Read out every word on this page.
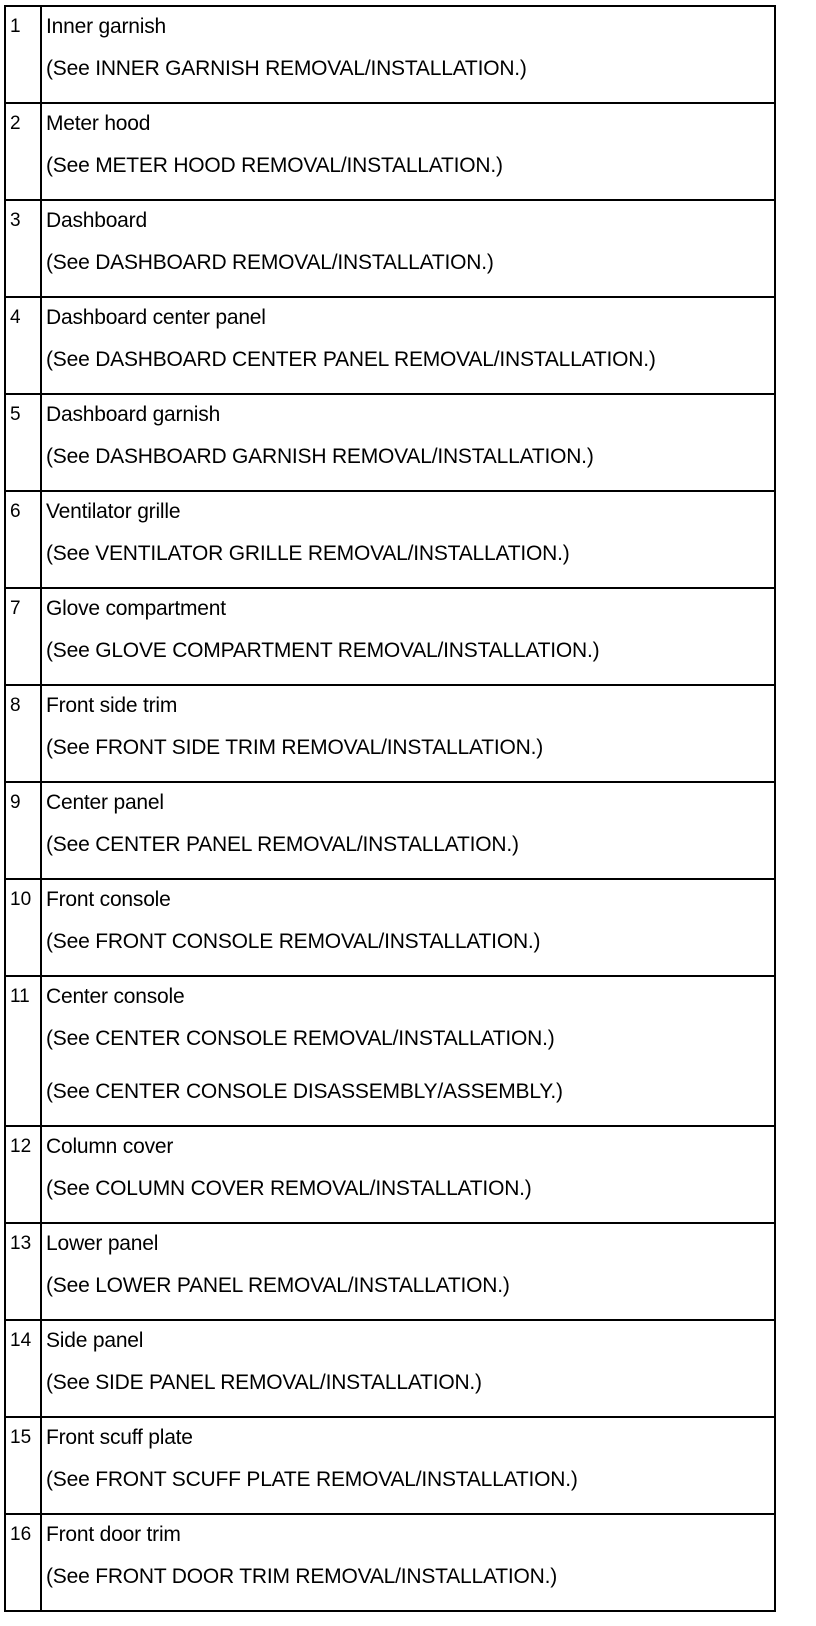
1	Inner garnish
(See INNER GARNISH REMOVAL/INSTALLATION.)

2	Meter hood
(See METER HOOD REMOVAL/INSTALLATION.)

3	Dashboard
(See DASHBOARD REMOVAL/INSTALLATION.)

4	Dashboard center panel
(See DASHBOARD CENTER PANEL REMOVAL/INSTALLATION.)

5	Dashboard garnish
(See DASHBOARD GARNISH REMOVAL/INSTALLATION.)

6	Ventilator grille
(See VENTILATOR GRILLE REMOVAL/INSTALLATION.)

7	Glove compartment
(See GLOVE COMPARTMENT REMOVAL/INSTALLATION.)

8	Front side trim
(See FRONT SIDE TRIM REMOVAL/INSTALLATION.)

9	Center panel
(See CENTER PANEL REMOVAL/INSTALLATION.)

10	Front console
(See FRONT CONSOLE REMOVAL/INSTALLATION.)

11	Center console
(See CENTER CONSOLE REMOVAL/INSTALLATION.)
(See CENTER CONSOLE DISASSEMBLY/ASSEMBLY.)

12	Column cover
(See COLUMN COVER REMOVAL/INSTALLATION.)

13	Lower panel
(See LOWER PANEL REMOVAL/INSTALLATION.)

14	Side panel
(See SIDE PANEL REMOVAL/INSTALLATION.)

15	Front scuff plate
(See FRONT SCUFF PLATE REMOVAL/INSTALLATION.)

16	Front door trim
(See FRONT DOOR TRIM REMOVAL/INSTALLATION.)
